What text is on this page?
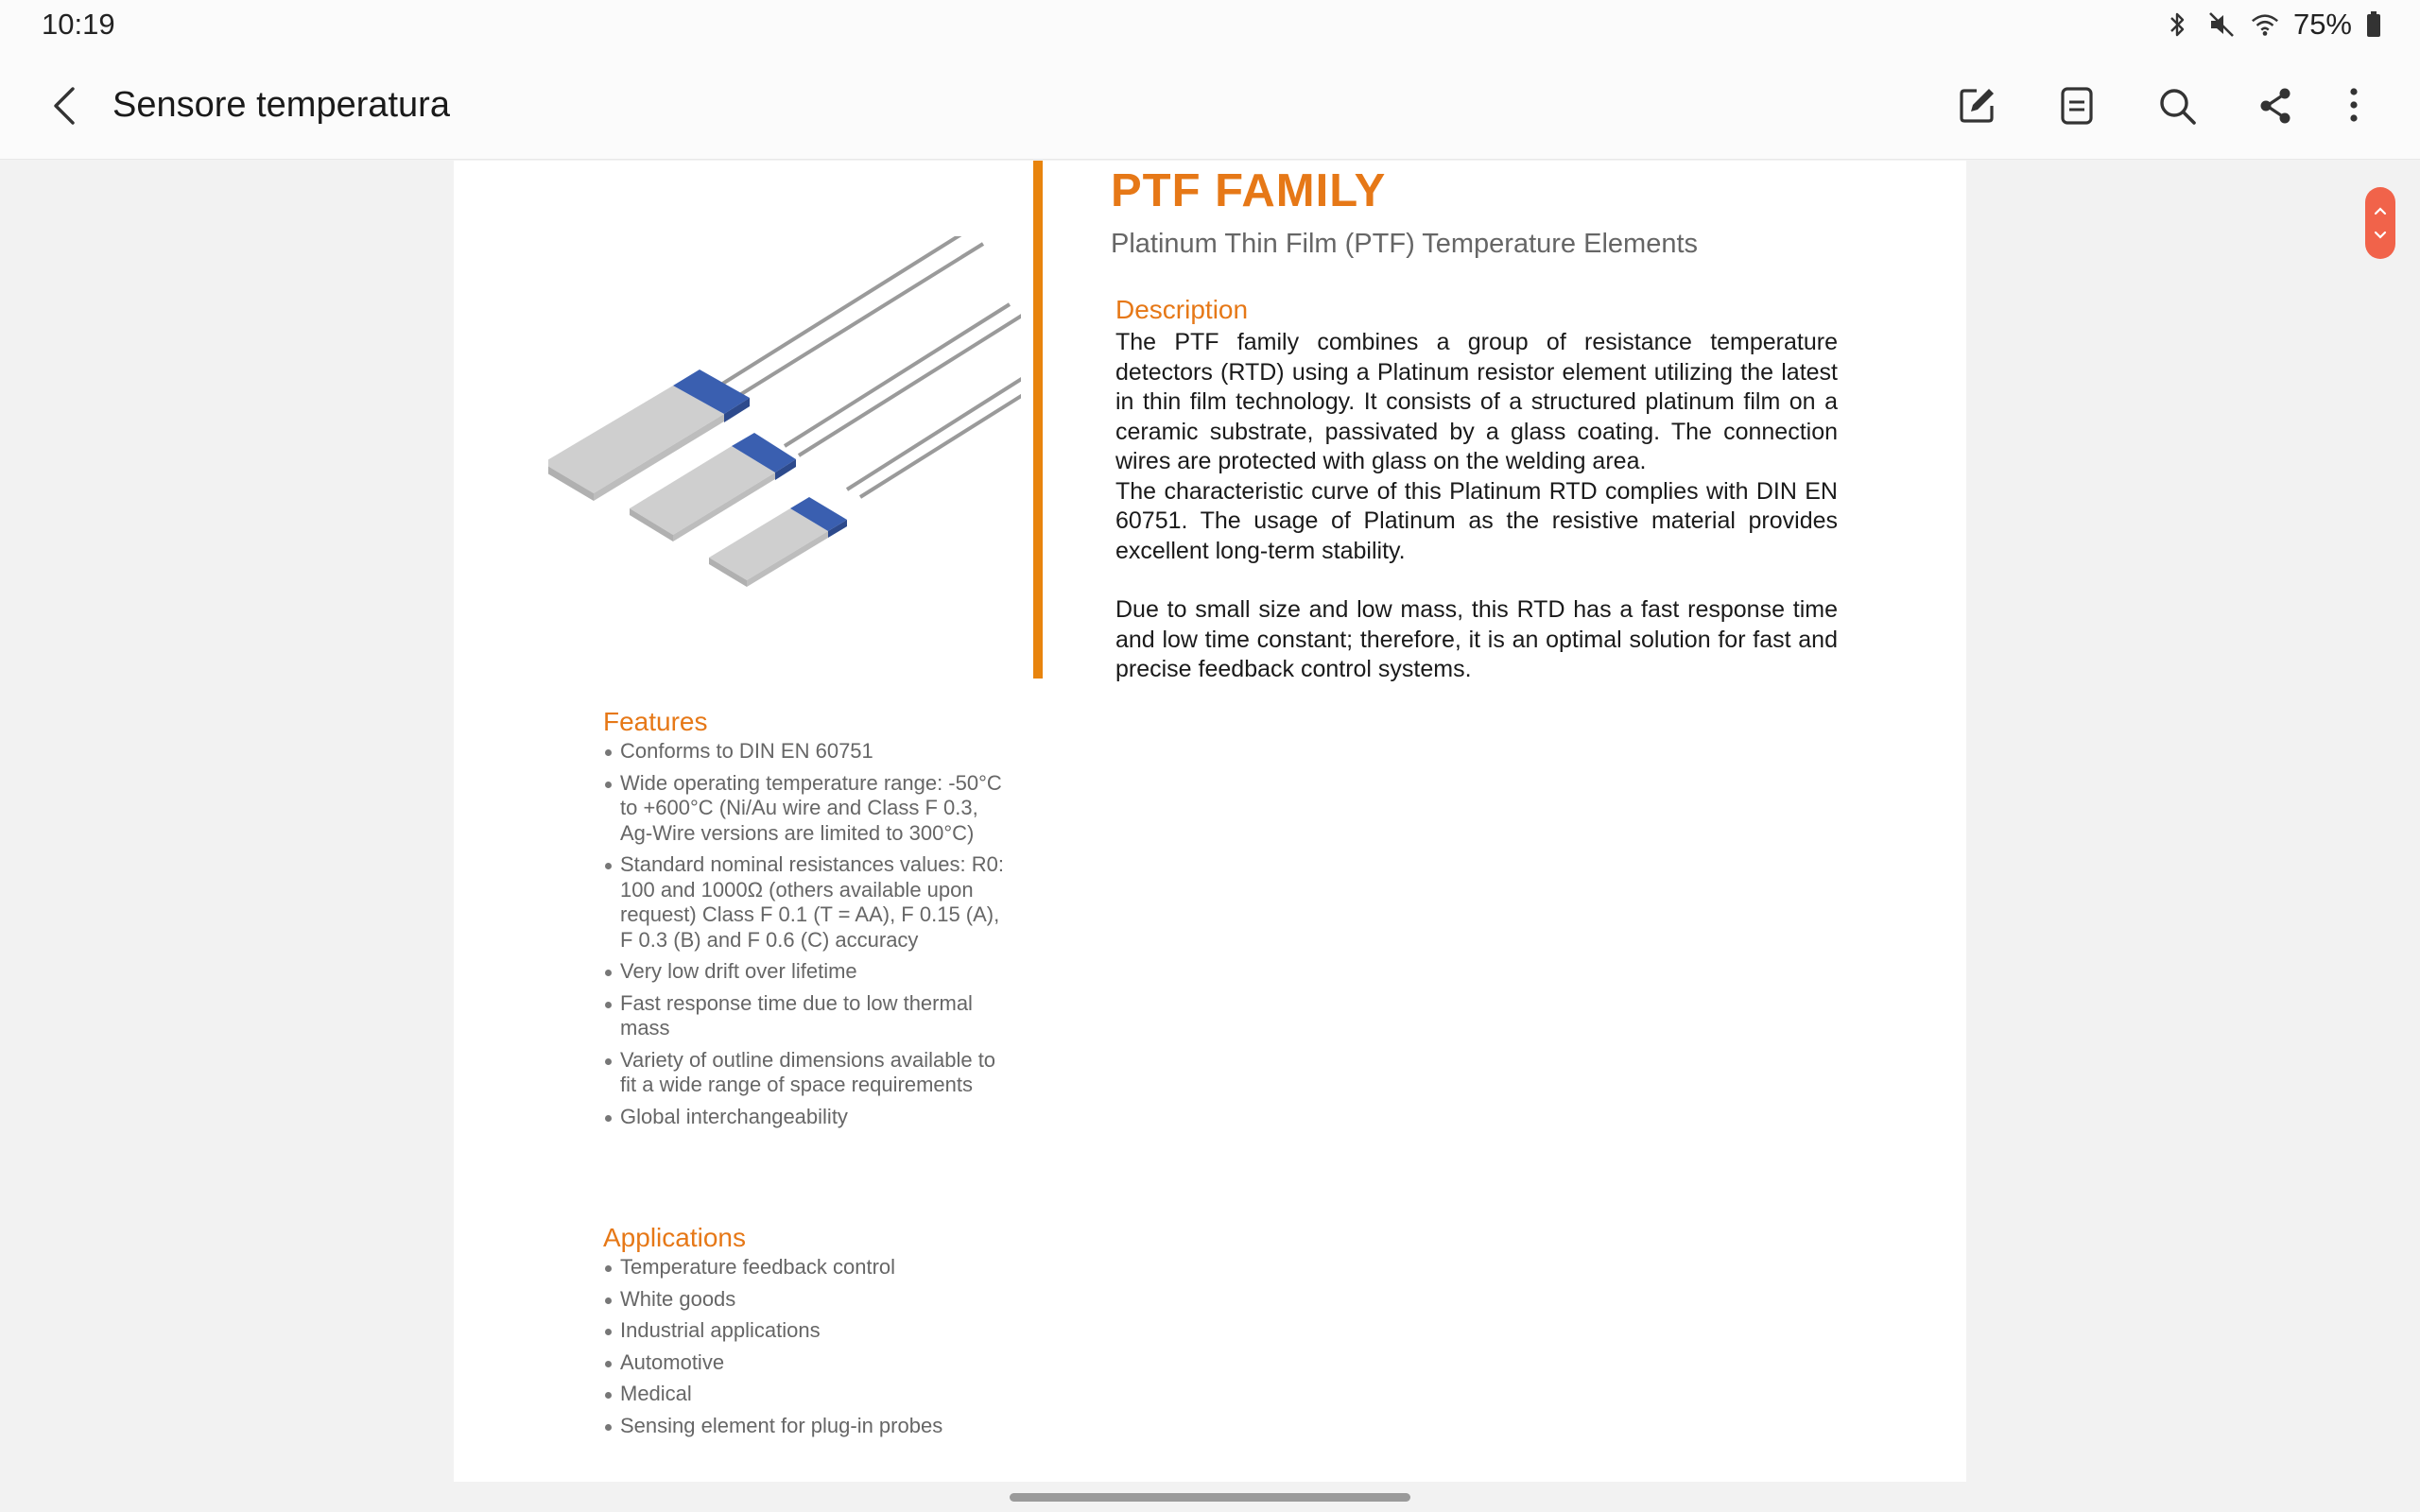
10:19	75%
Sensore temperatura
PTF FAMILY
Platinum Thin Film (PTF) Temperature Elements
Description

The PTF family combines a group of resistance temperature detectors (RTD) using a Platinum resistor element utilizing the latest in thin film technology. It consists of a structured platinum film on a ceramic substrate, passivated by a glass coating. The connection wires are protected with glass on the welding area.

The characteristic curve of this Platinum RTD complies with DIN EN 60751. The usage of Platinum as the resistive material provides excellent long-term stability.

Due to small size and low mass, this RTD has a fast response time and low time constant; therefore, it is an optimal solution for fast and precise feedback control systems.

Features
Conforms to DIN EN 60751
Wide operating temperature range: -50°C to +600°C (Ni/Au wire and Class F 0.3, Ag-Wire versions are limited to 300°C)
Standard nominal resistances values: R0: 100 and 1000Ω (others available upon request) Class F 0.1 (T = AA), F 0.15 (A), F 0.3 (B) and F 0.6 (C) accuracy
Very low drift over lifetime
Fast response time due to low thermal mass
Variety of outline dimensions available to fit a wide range of space requirements
Global interchangeability
Applications
Temperature feedback control
White goods
Industrial applications
Automotive
Medical
Sensing element for plug-in probes
